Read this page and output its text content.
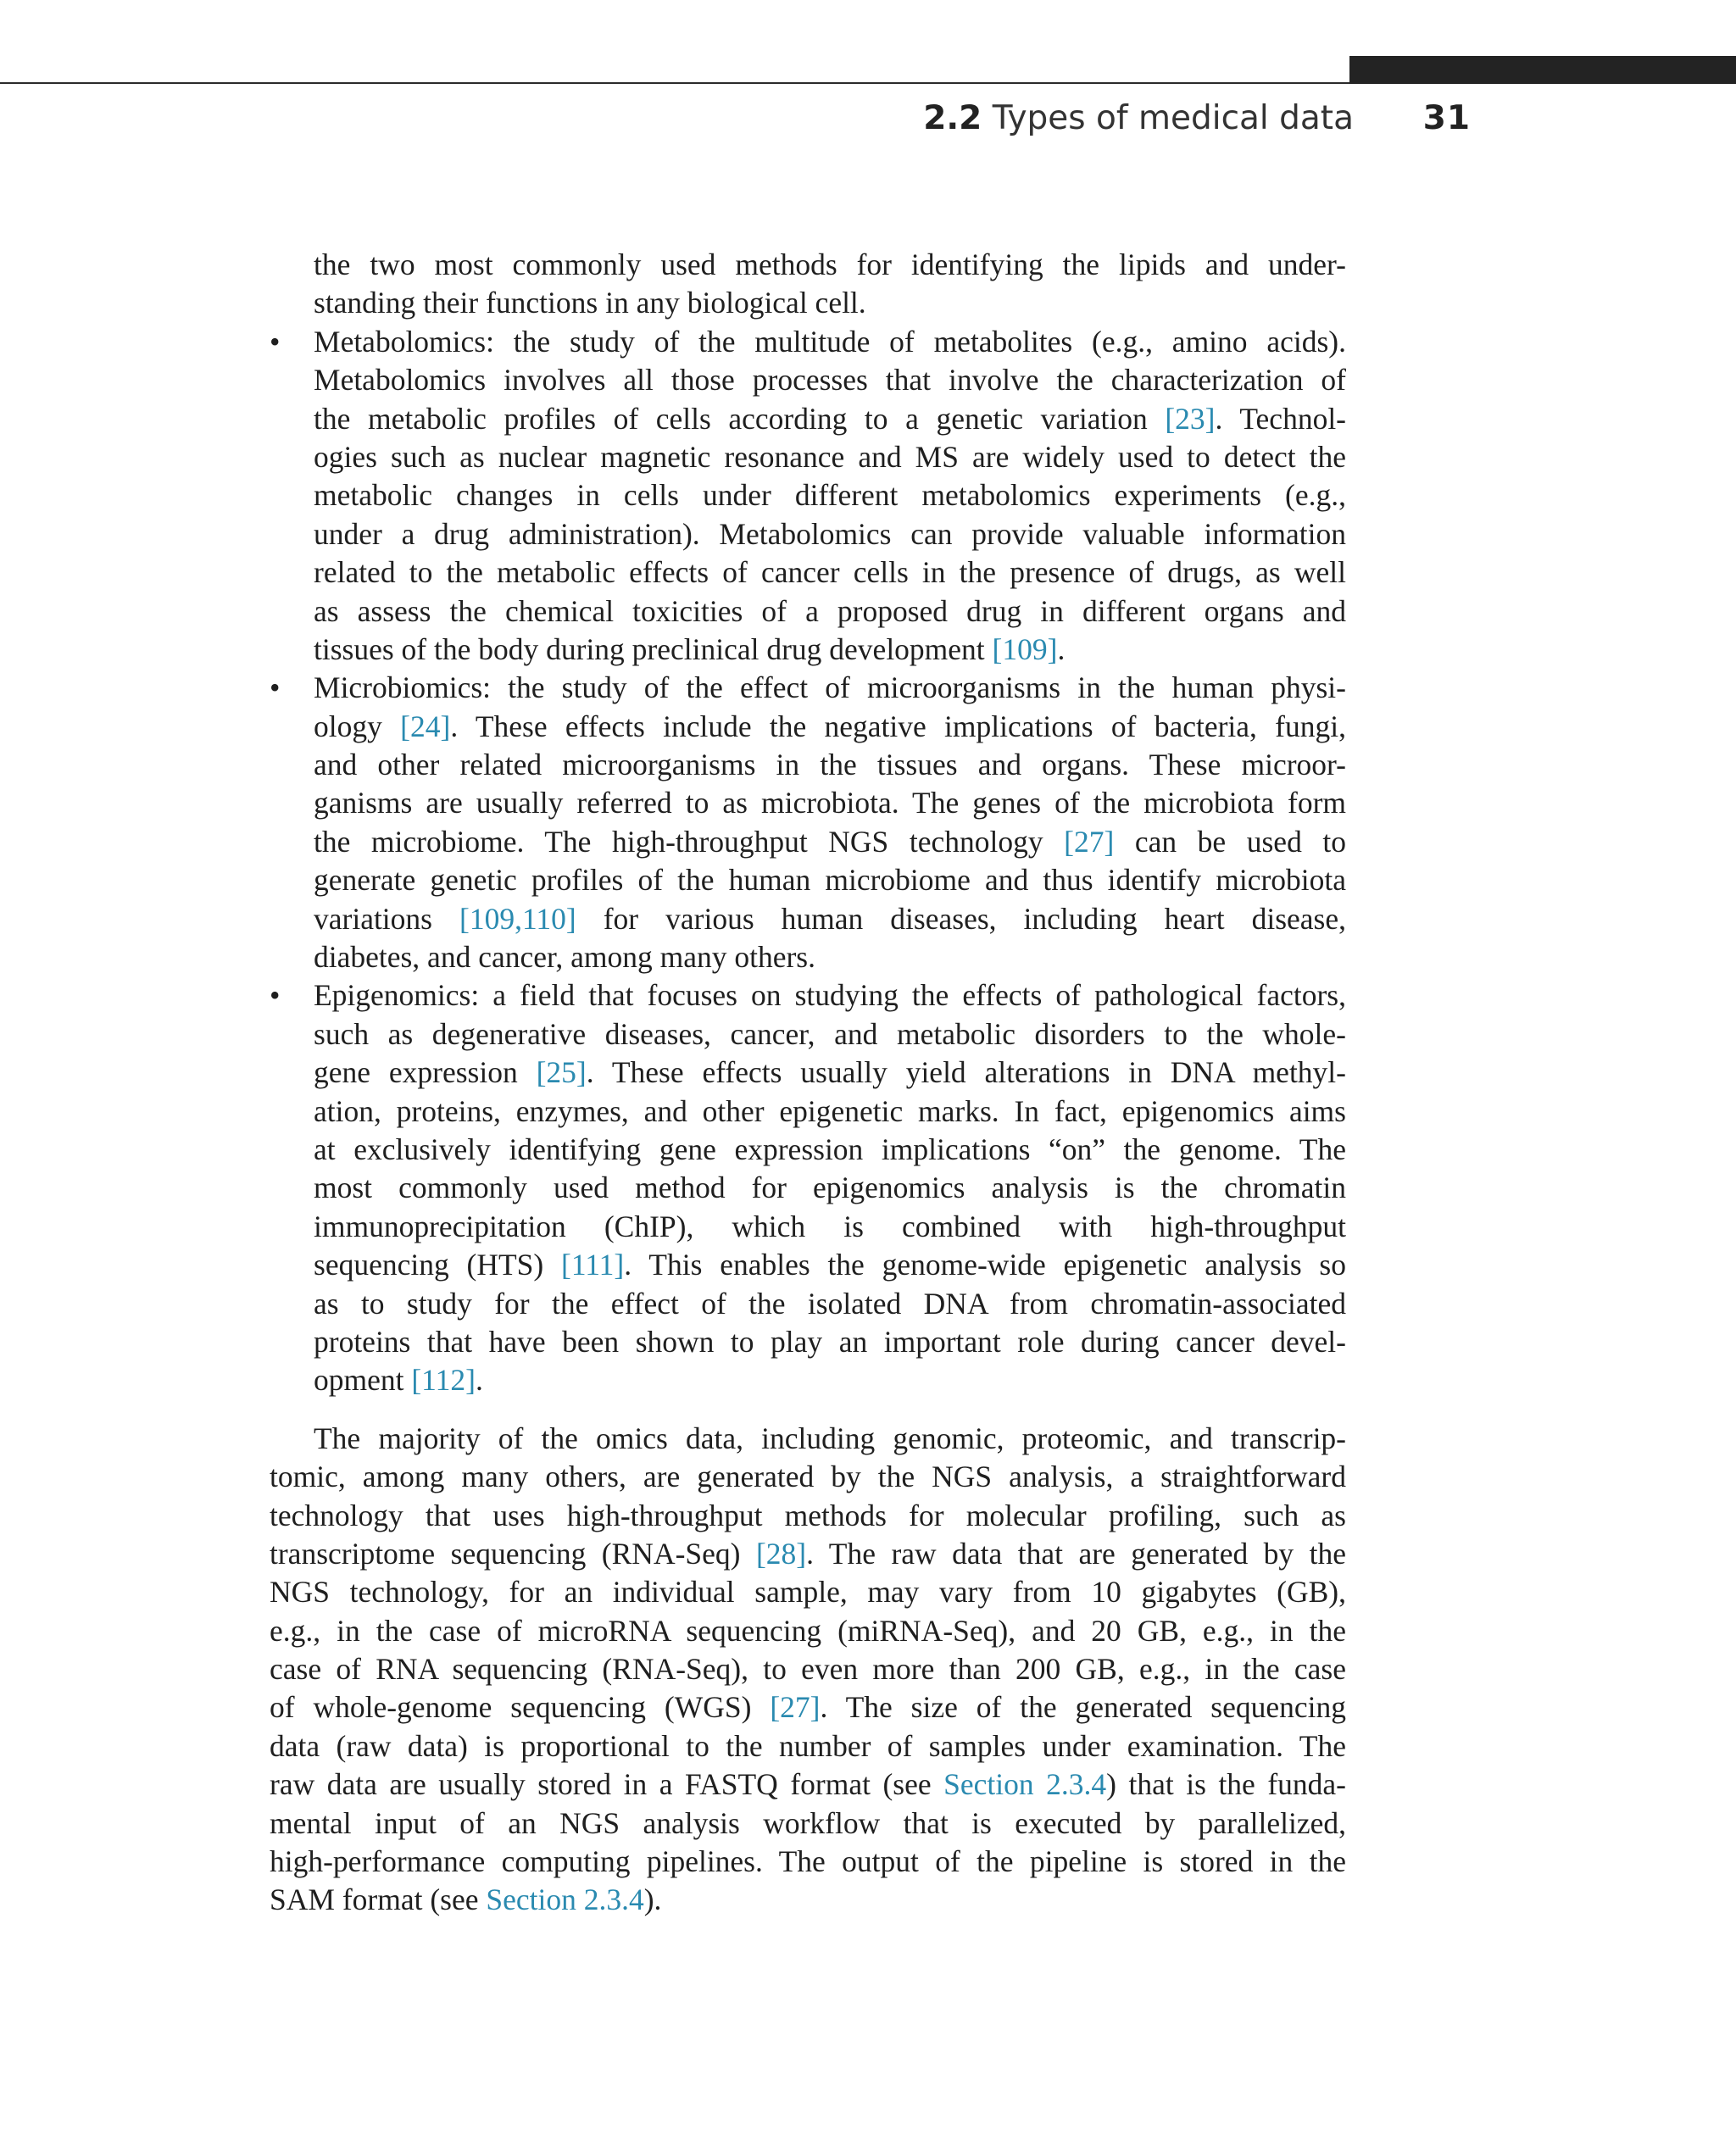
2.2 Types of medical data 31
the two most commonly used methods for identifying the lipids and under-
standing their functions in any biological cell.
• Metabolomics: the study of the multitude of metabolites (e.g., amino acids).
Metabolomics involves all those processes that involve the characterization of
the metabolic profiles of cells according to a genetic variation [23]. Technol-
ogies such as nuclear magnetic resonance and MS are widely used to detect the
metabolic changes in cells under different metabolomics experiments (e.g.,
under a drug administration). Metabolomics can provide valuable information
related to the metabolic effects of cancer cells in the presence of drugs, as well
as assess the chemical toxicities of a proposed drug in different organs and
tissues of the body during preclinical drug development [109].
• Microbiomics: the study of the effect of microorganisms in the human physi-
ology [24]. These effects include the negative implications of bacteria, fungi,
and other related microorganisms in the tissues and organs. These microor-
ganisms are usually referred to as microbiota. The genes of the microbiota form
the microbiome. The high-throughput NGS technology [27] can be used to
generate genetic profiles of the human microbiome and thus identify microbiota
variations [109,110] for various human diseases, including heart disease,
diabetes, and cancer, among many others.
• Epigenomics: a field that focuses on studying the effects of pathological factors,
such as degenerative diseases, cancer, and metabolic disorders to the whole-
gene expression [25]. These effects usually yield alterations in DNA methyl-
ation, proteins, enzymes, and other epigenetic marks. In fact, epigenomics aims
at exclusively identifying gene expression implications “on” the genome. The
most commonly used method for epigenomics analysis is the chromatin
immunoprecipitation (ChIP), which is combined with high-throughput
sequencing (HTS) [111]. This enables the genome-wide epigenetic analysis so
as to study for the effect of the isolated DNA from chromatin-associated
proteins that have been shown to play an important role during cancer devel-
opment [112].
The majority of the omics data, including genomic, proteomic, and transcrip-
tomic, among many others, are generated by the NGS analysis, a straightforward
technology that uses high-throughput methods for molecular profiling, such as
transcriptome sequencing (RNA-Seq) [28]. The raw data that are generated by the
NGS technology, for an individual sample, may vary from 10 gigabytes (GB),
e.g., in the case of microRNA sequencing (miRNA-Seq), and 20 GB, e.g., in the
case of RNA sequencing (RNA-Seq), to even more than 200 GB, e.g., in the case
of whole-genome sequencing (WGS) [27]. The size of the generated sequencing
data (raw data) is proportional to the number of samples under examination. The
raw data are usually stored in a FASTQ format (see Section 2.3.4) that is the funda-
mental input of an NGS analysis workflow that is executed by parallelized,
high-performance computing pipelines. The output of the pipeline is stored in the
SAM format (see Section 2.3.4).
